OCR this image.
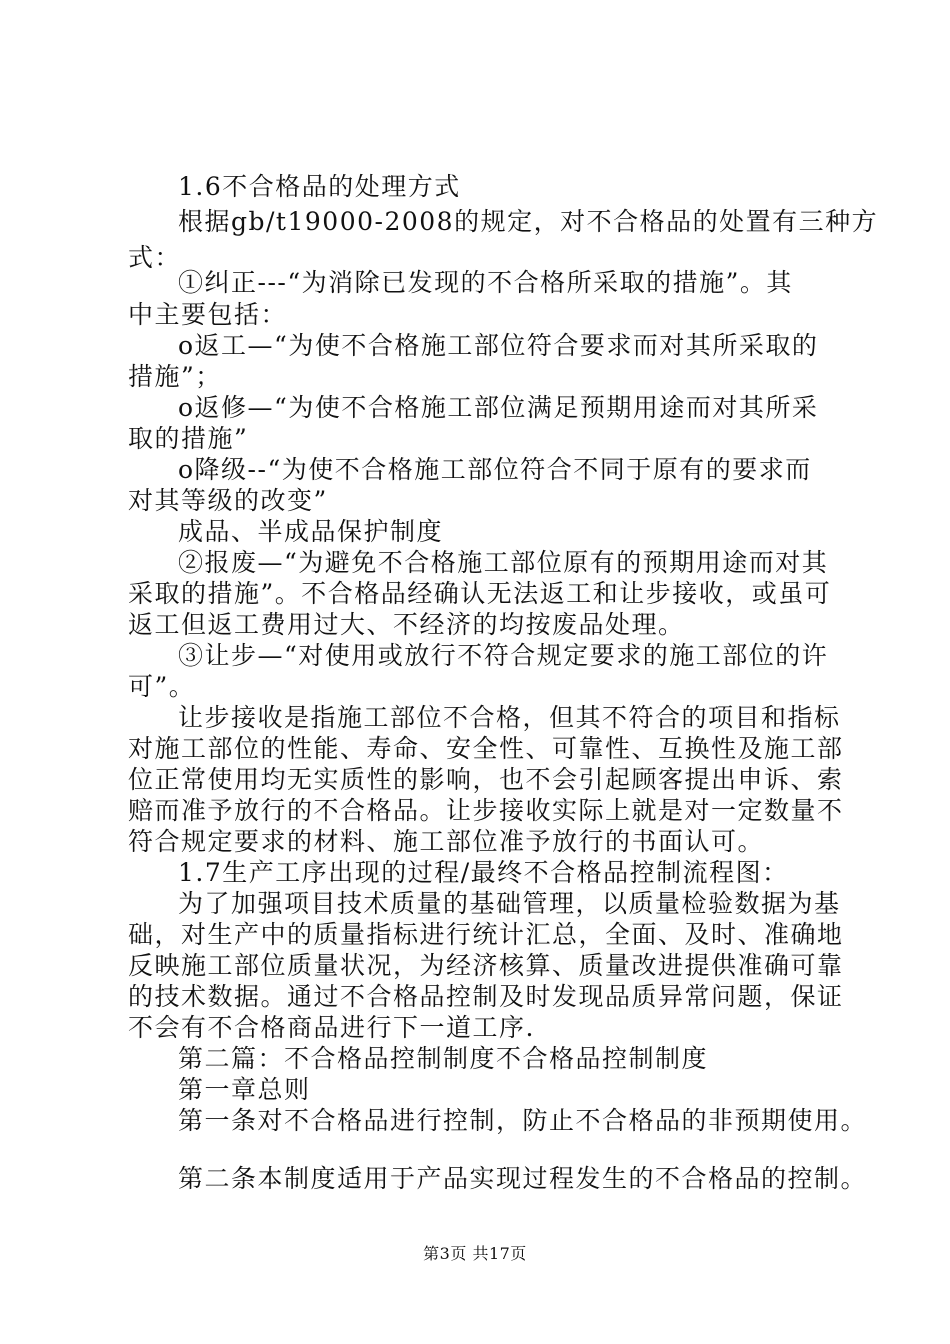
1.6不合格品的处理方式
根据gb/t19000-2008的规定，对不合格品的处置有三种方
式：
①纠正---“为消除已发现的不合格所采取的措施”。其
中主要包括：
o返工—“为使不合格施工部位符合要求而对其所采取的
措施”；
o返修—“为使不合格施工部位满足预期用途而对其所采
取的措施”
o降级--“为使不合格施工部位符合不同于原有的要求而
对其等级的改变”
成品、半成品保护制度
②报废—“为避免不合格施工部位原有的预期用途而对其
采取的措施”。不合格品经确认无法返工和让步接收，或虽可
返工但返工费用过大、不经济的均按废品处理。
③让步—“对使用或放行不符合规定要求的施工部位的许
可”。
让步接收是指施工部位不合格，但其不符合的项目和指标
对施工部位的性能、寿命、安全性、可靠性、互换性及施工部
位正常使用均无实质性的影响，也不会引起顾客提出申诉、索
赔而准予放行的不合格品。让步接收实际上就是对一定数量不
符合规定要求的材料、施工部位准予放行的书面认可。
1.7生产工序出现的过程/最终不合格品控制流程图：
为了加强项目技术质量的基础管理，以质量检验数据为基
础，对生产中的质量指标进行统计汇总，全面、及时、准确地
反映施工部位质量状况，为经济核算、质量改进提供准确可靠
的技术数据。通过不合格品控制及时发现品质异常问题，保证
不会有不合格商品进行下一道工序.
第二篇：不合格品控制制度不合格品控制制度
第一章总则
第一条对不合格品进行控制，防止不合格品的非预期使用。
第二条本制度适用于产品实现过程发生的不合格品的控制。
第3页 共17页
